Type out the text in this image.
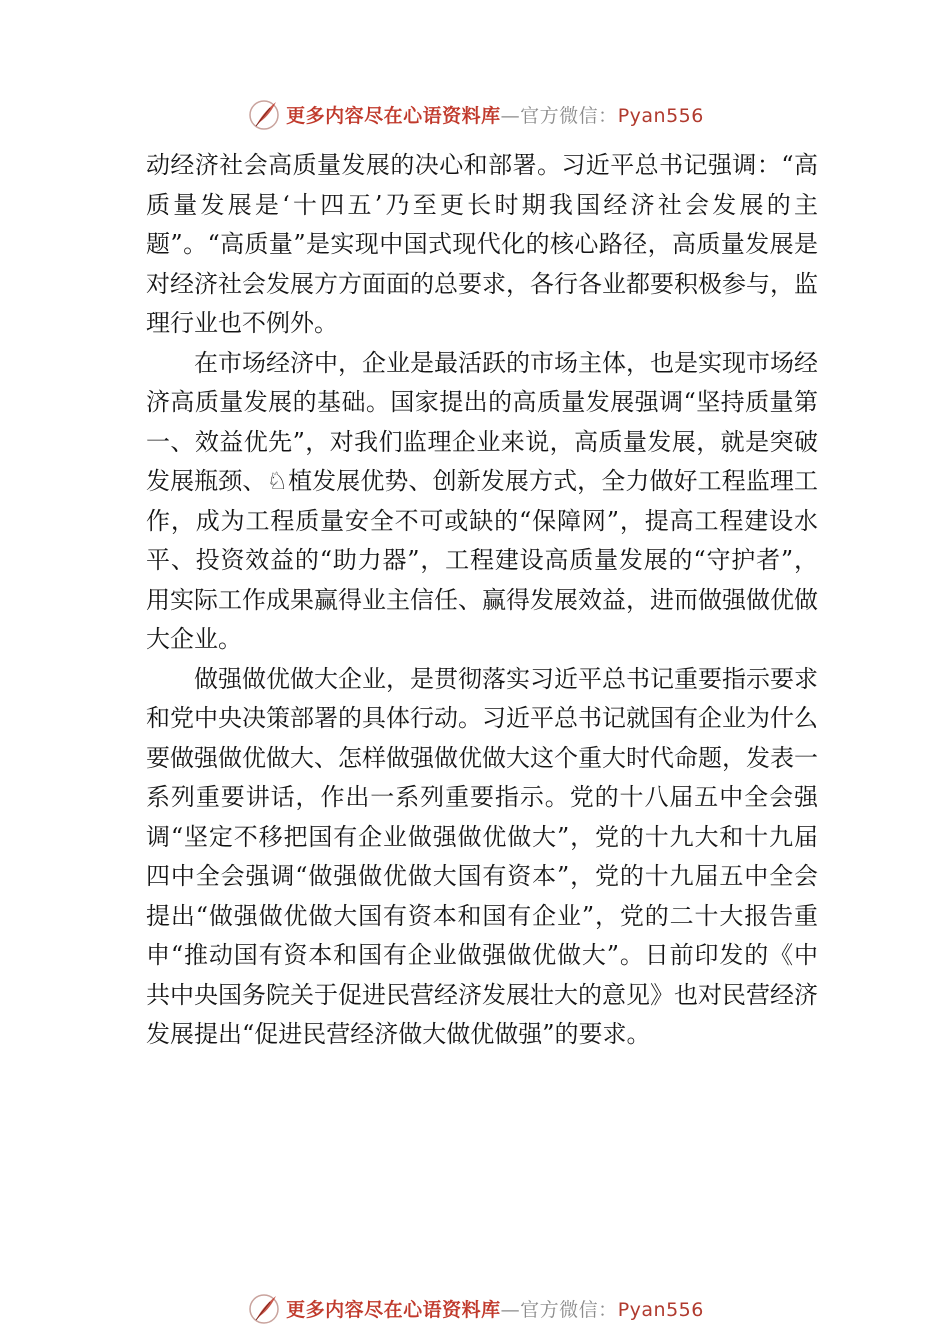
更多内容尽在心语资料库—官方微信：Pyan556

动经济社会高质量发展的决心和部署。习近平总书记强调：“高质量发展是‘十四五’乃至更长时期我国经济社会发展的主题”。“高质量”是实现中国式现代化的核心路径，高质量发展是对经济社会发展方方面面的总要求，各行各业都要积极参与，监理行业也不例外。

在市场经济中，企业是最活跃的市场主体，也是实现市场经济高质量发展的基础。国家提出的高质量发展强调“坚持质量第一、效益优先”，对我们监理企业来说，高质量发展，就是突破发展瓶颈、♘植发展优势、创新发展方式，全力做好工程监理工作，成为工程质量安全不可或缺的“保障网”，提高工程建设水平、投资效益的“助力器”，工程建设高质量发展的“守护者”，用实际工作成果赢得业主信任、赢得发展效益，进而做强做优做大企业。

做强做优做大企业，是贯彻落实习近平总书记重要指示要求和党中央决策部署的具体行动。习近平总书记就国有企业为什么要做强做优做大、怎样做强做优做大这个重大时代命题，发表一系列重要讲话，作出一系列重要指示。党的十八届五中全会强调“坚定不移把国有企业做强做优做大”，党的十九大和十九届四中全会强调“做强做优做大国有资本”，党的十九届五中全会提出“做强做优做大国有资本和国有企业”，党的二十大报告重申“推动国有资本和国有企业做强做优做大”。日前印发的《中共中央国务院关于促进民营经济发展壮大的意见》也对民营经济发展提出“促进民营经济做大做优做强”的要求。

更多内容尽在心语资料库—官方微信：Pyan556
